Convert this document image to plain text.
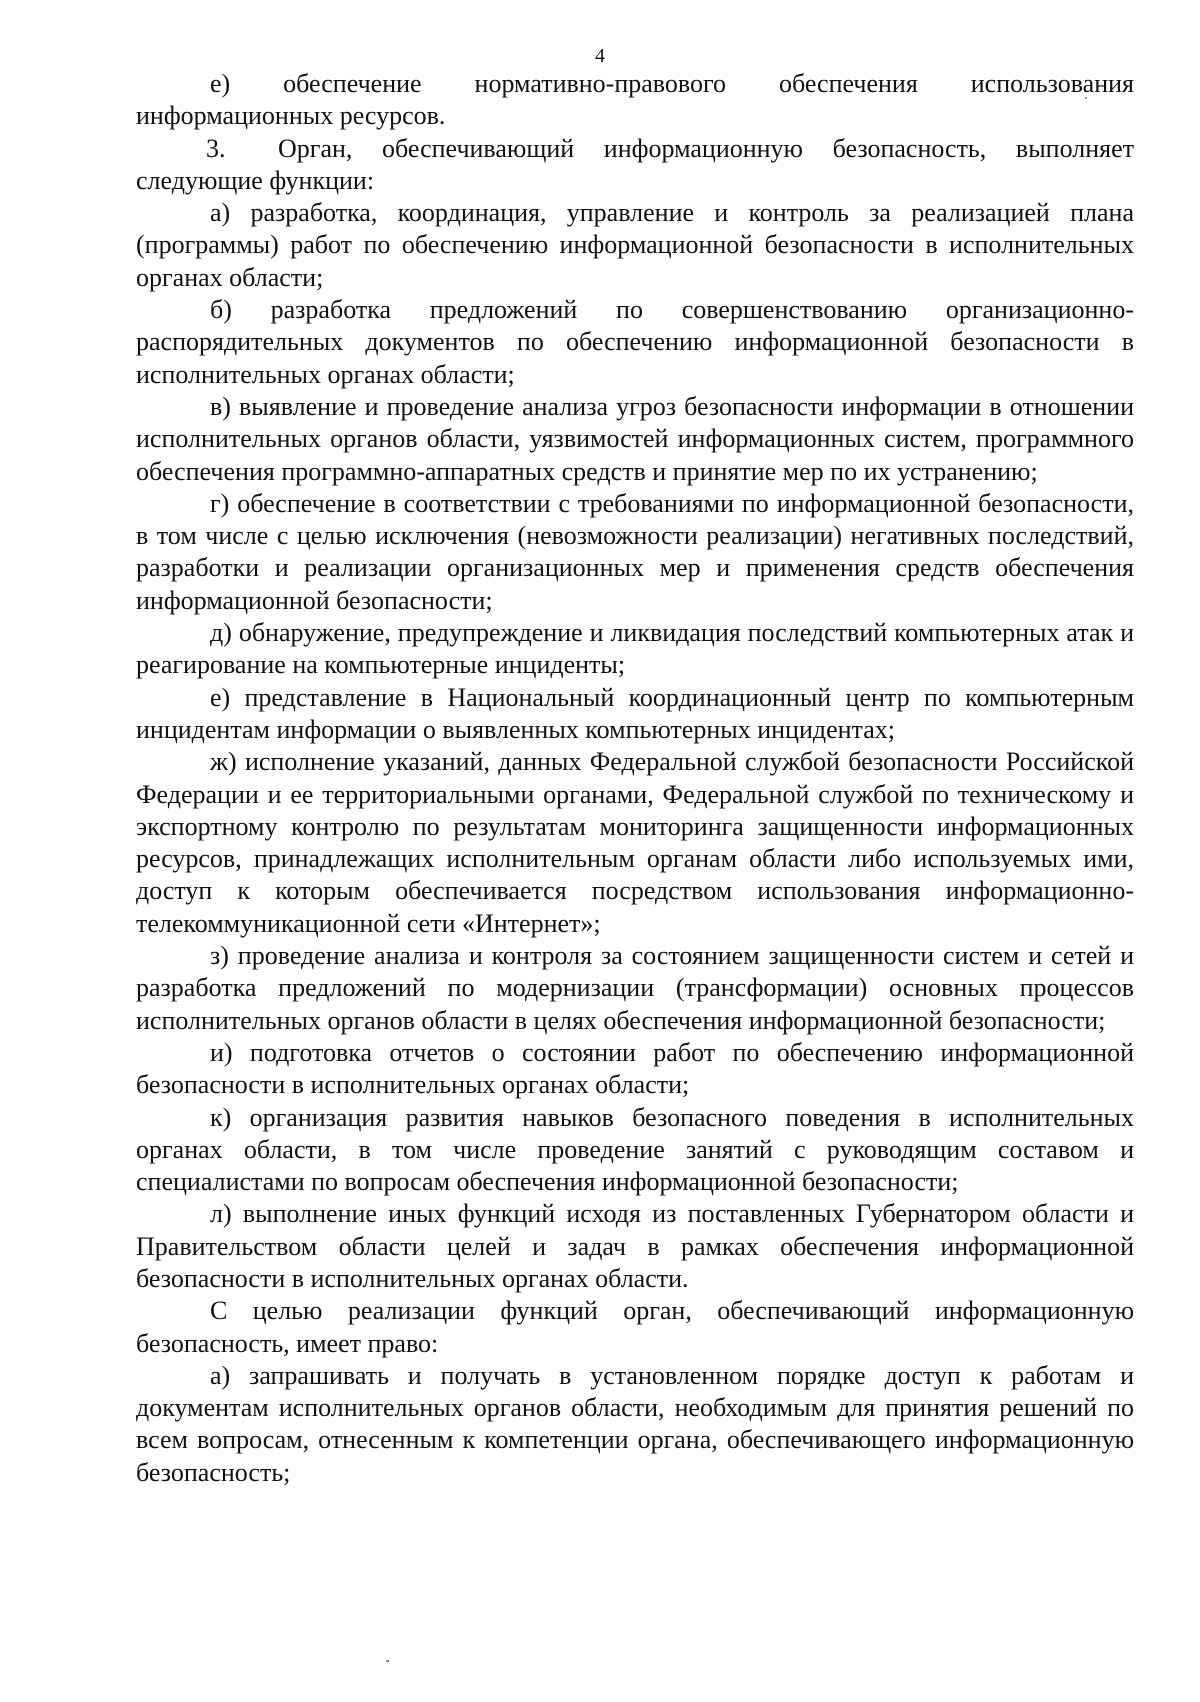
4

е) обеспечение нормативно-правового обеспечения использования информационных ресурсов.

3. Орган, обеспечивающий информационную безопасность, выполняет следующие функции:

а) разработка, координация, управление и контроль за реализацией плана (программы) работ по обеспечению информационной безопасности в исполнительных органах области;

б) разработка предложений по совершенствованию организационно-распорядительных документов по обеспечению информационной безопасности в исполнительных органах области;

в) выявление и проведение анализа угроз безопасности информации в отношении исполнительных органов области, уязвимостей информационных систем, программного обеспечения программно-аппаратных средств и принятие мер по их устранению;

г) обеспечение в соответствии с требованиями по информационной безопасности, в том числе с целью исключения (невозможности реализации) негативных последствий, разработки и реализации организационных мер и применения средств обеспечения информационной безопасности;

д) обнаружение, предупреждение и ликвидация последствий компьютерных атак и реагирование на компьютерные инциденты;

е) представление в Национальный координационный центр по компьютерным инцидентам информации о выявленных компьютерных инцидентах;

ж) исполнение указаний, данных Федеральной службой безопасности Российской Федерации и ее территориальными органами, Федеральной службой по техническому и экспортному контролю по результатам мониторинга защищенности информационных ресурсов, принадлежащих исполнительным органам области либо используемых ими, доступ к которым обеспечивается посредством использования информационно-телекоммуникационной сети «Интернет»;

з) проведение анализа и контроля за состоянием защищенности систем и сетей и разработка предложений по модернизации (трансформации) основных процессов исполнительных органов области в целях обеспечения информационной безопасности;

и) подготовка отчетов о состоянии работ по обеспечению информационной безопасности в исполнительных органах области;

к) организация развития навыков безопасного поведения в исполнительных органах области, в том числе проведение занятий с руководящим составом и специалистами по вопросам обеспечения информационной безопасности;

л) выполнение иных функций исходя из поставленных Губернатором области и Правительством области целей и задач в рамках обеспечения информационной безопасности в исполнительных органах области.

С целью реализации функций орган, обеспечивающий информационную безопасность, имеет право:

а) запрашивать и получать в установленном порядке доступ к работам и документам исполнительных органов области, необходимым для принятия решений по всем вопросам, отнесенным к компетенции органа, обеспечивающего информационную безопасность;
